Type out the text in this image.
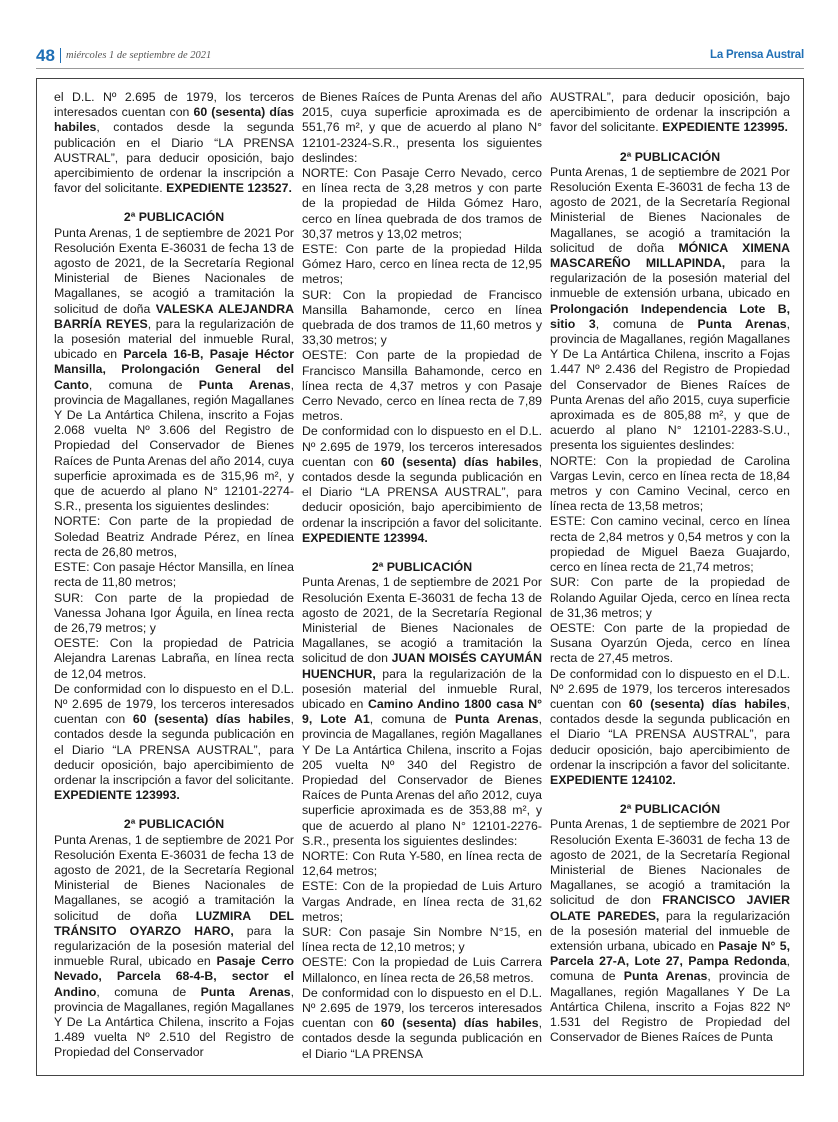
48 miércoles 1 de septiembre de 2021	La Prensa Austral

el D.L. Nº 2.695 de 1979, los terceros interesados cuentan con 60 (sesenta) días habiles, contados desde la segunda publicación en el Diario “LA PRENSA AUSTRAL”, para deducir oposición, bajo apercibimiento de ordenar la inscripción a favor del solicitante. EXPEDIENTE 123527.

2ª PUBLICACIÓN

Punta Arenas, 1 de septiembre de 2021 Por Resolución Exenta E-36031 de fecha 13 de agosto de 2021, de la Secretaría Regional Ministerial de Bienes Nacionales de Magallanes, se acogió a tramitación la solicitud de doña VALESKA ALEJANDRA BARRÍA REYES, para la regularización de la posesión material del inmueble Rural, ubicado en Parcela 16-B, Pasaje Héctor Mansilla, Prolongación General del Canto, comuna de Punta Arenas, provincia de Magallanes, región Magallanes Y De La Antártica Chilena, inscrito a Fojas 2.068 vuelta Nº 3.606 del Registro de Propiedad del Conservador de Bienes Raíces de Punta Arenas del año 2014, cuya superficie aproximada es de 315,96 m², y que de acuerdo al plano N° 12101-2274-S.R., presenta los siguientes deslindes:

NORTE: Con parte de la propiedad de Soledad Beatriz Andrade Pérez, en línea recta de 26,80 metros,

ESTE: Con pasaje Héctor Mansilla, en línea recta de 11,80 metros;

SUR: Con parte de la propiedad de Vanessa Johana Igor Águila, en línea recta de 26,79 metros; y

OESTE: Con la propiedad de Patricia Alejandra Larenas Labraña, en línea recta de 12,04 metros.

De conformidad con lo dispuesto en el D.L. Nº 2.695 de 1979, los terceros interesados cuentan con 60 (sesenta) días habiles, contados desde la segunda publicación en el Diario “LA PRENSA AUSTRAL”, para deducir oposición, bajo apercibimiento de ordenar la inscripción a favor del solicitante. EXPEDIENTE 123993.

2ª PUBLICACIÓN

Punta Arenas, 1 de septiembre de 2021 Por Resolución Exenta E-36031 de fecha 13 de agosto de 2021, de la Secretaría Regional Ministerial de Bienes Nacionales de Magallanes, se acogió a tramitación la solicitud de doña LUZMIRA DEL TRÁNSITO OYARZO HARO, para la regularización de la posesión material del inmueble Rural, ubicado en Pasaje Cerro Nevado, Parcela 68-4-B, sector el Andino, comuna de Punta Arenas, provincia de Magallanes, región Magallanes Y De La Antártica Chilena, inscrito a Fojas 1.489 vuelta Nº 2.510 del Registro de Propiedad del Conservador

de Bienes Raíces de Punta Arenas del año 2015, cuya superficie aproximada es de 551,76 m², y que de acuerdo al plano N° 12101-2324-S.R., presenta los siguientes deslindes:

NORTE: Con Pasaje Cerro Nevado, cerco en línea recta de 3,28 metros y con parte de la propiedad de Hilda Gómez Haro, cerco en línea quebrada de dos tramos de 30,37 metros y 13,02 metros;

ESTE: Con parte de la propiedad Hilda Gómez Haro, cerco en línea recta de 12,95 metros;

SUR: Con la propiedad de Francisco Mansilla Bahamonde, cerco en línea quebrada de dos tramos de 11,60 metros y 33,30 metros; y

OESTE: Con parte de la propiedad de Francisco Mansilla Bahamonde, cerco en línea recta de 4,37 metros y con Pasaje Cerro Nevado, cerco en línea recta de 7,89 metros.

De conformidad con lo dispuesto en el D.L. Nº 2.695 de 1979, los terceros interesados cuentan con 60 (sesenta) días habiles, contados desde la segunda publicación en el Diario “LA PRENSA AUSTRAL”, para deducir oposición, bajo apercibimiento de ordenar la inscripción a favor del solicitante. EXPEDIENTE 123994.

2ª PUBLICACIÓN

Punta Arenas, 1 de septiembre de 2021 Por Resolución Exenta E-36031 de fecha 13 de agosto de 2021, de la Secretaría Regional Ministerial de Bienes Nacionales de Magallanes, se acogió a tramitación la solicitud de don JUAN MOISÉS CAYUMÁN HUENCHUR, para la regularización de la posesión material del inmueble Rural, ubicado en Camino Andino 1800 casa N° 9, Lote A1, comuna de Punta Arenas, provincia de Magallanes, región Magallanes Y De La Antártica Chilena, inscrito a Fojas 205 vuelta Nº 340 del Registro de Propiedad del Conservador de Bienes Raíces de Punta Arenas del año 2012, cuya superficie aproximada es de 353,88 m², y que de acuerdo al plano N° 12101-2276-S.R., presenta los siguientes deslindes:

NORTE: Con Ruta Y-580, en línea recta de 12,64 metros;

ESTE: Con de la propiedad de Luis Arturo Vargas Andrade, en línea recta de 31,62 metros;

SUR: Con pasaje Sin Nombre N°15, en línea recta de 12,10 metros; y

OESTE: Con la propiedad de Luis Carrera Millalonco, en línea recta de 26,58 metros.

De conformidad con lo dispuesto en el D.L. Nº 2.695 de 1979, los terceros interesados cuentan con 60 (sesenta) días habiles, contados desde la segunda publicación en el Diario “LA PRENSA

AUSTRAL”, para deducir oposición, bajo apercibimiento de ordenar la inscripción a favor del solicitante. EXPEDIENTE 123995.

2ª PUBLICACIÓN

Punta Arenas, 1 de septiembre de 2021 Por Resolución Exenta E-36031 de fecha 13 de agosto de 2021, de la Secretaría Regional Ministerial de Bienes Nacionales de Magallanes, se acogió a tramitación la solicitud de doña MÓNICA XIMENA MASCAREÑO MILLAPINDA, para la regularización de la posesión material del inmueble de extensión urbana, ubicado en Prolongación Independencia Lote B, sitio 3, comuna de Punta Arenas, provincia de Magallanes, región Magallanes Y De La Antártica Chilena, inscrito a Fojas 1.447 Nº 2.436 del Registro de Propiedad del Conservador de Bienes Raíces de Punta Arenas del año 2015, cuya superficie aproximada es de 805,88 m², y que de acuerdo al plano N° 12101-2283-S.U., presenta los siguientes deslindes:

NORTE: Con la propiedad de Carolina Vargas Levin, cerco en línea recta de 18,84 metros y con Camino Vecinal, cerco en línea recta de 13,58 metros;

ESTE: Con camino vecinal, cerco en línea recta de 2,84 metros y 0,54 metros y con la propiedad de Miguel Baeza Guajardo, cerco en línea recta de 21,74 metros;

SUR: Con parte de la propiedad de Rolando Aguilar Ojeda, cerco en línea recta de 31,36 metros; y

OESTE: Con parte de la propiedad de Susana Oyarzún Ojeda, cerco en línea recta de 27,45 metros.

De conformidad con lo dispuesto en el D.L. Nº 2.695 de 1979, los terceros interesados cuentan con 60 (sesenta) días habiles, contados desde la segunda publicación en el Diario “LA PRENSA AUSTRAL”, para deducir oposición, bajo apercibimiento de ordenar la inscripción a favor del solicitante. EXPEDIENTE 124102.

2ª PUBLICACIÓN

Punta Arenas, 1 de septiembre de 2021 Por Resolución Exenta E-36031 de fecha 13 de agosto de 2021, de la Secretaría Regional Ministerial de Bienes Nacionales de Magallanes, se acogió a tramitación la solicitud de don FRANCISCO JAVIER OLATE PAREDES, para la regularización de la posesión material del inmueble de extensión urbana, ubicado en Pasaje N° 5, Parcela 27-A, Lote 27, Pampa Redonda, comuna de Punta Arenas, provincia de Magallanes, región Magallanes Y De La Antártica Chilena, inscrito a Fojas 822 Nº 1.531 del Registro de Propiedad del Conservador de Bienes Raíces de Punta
